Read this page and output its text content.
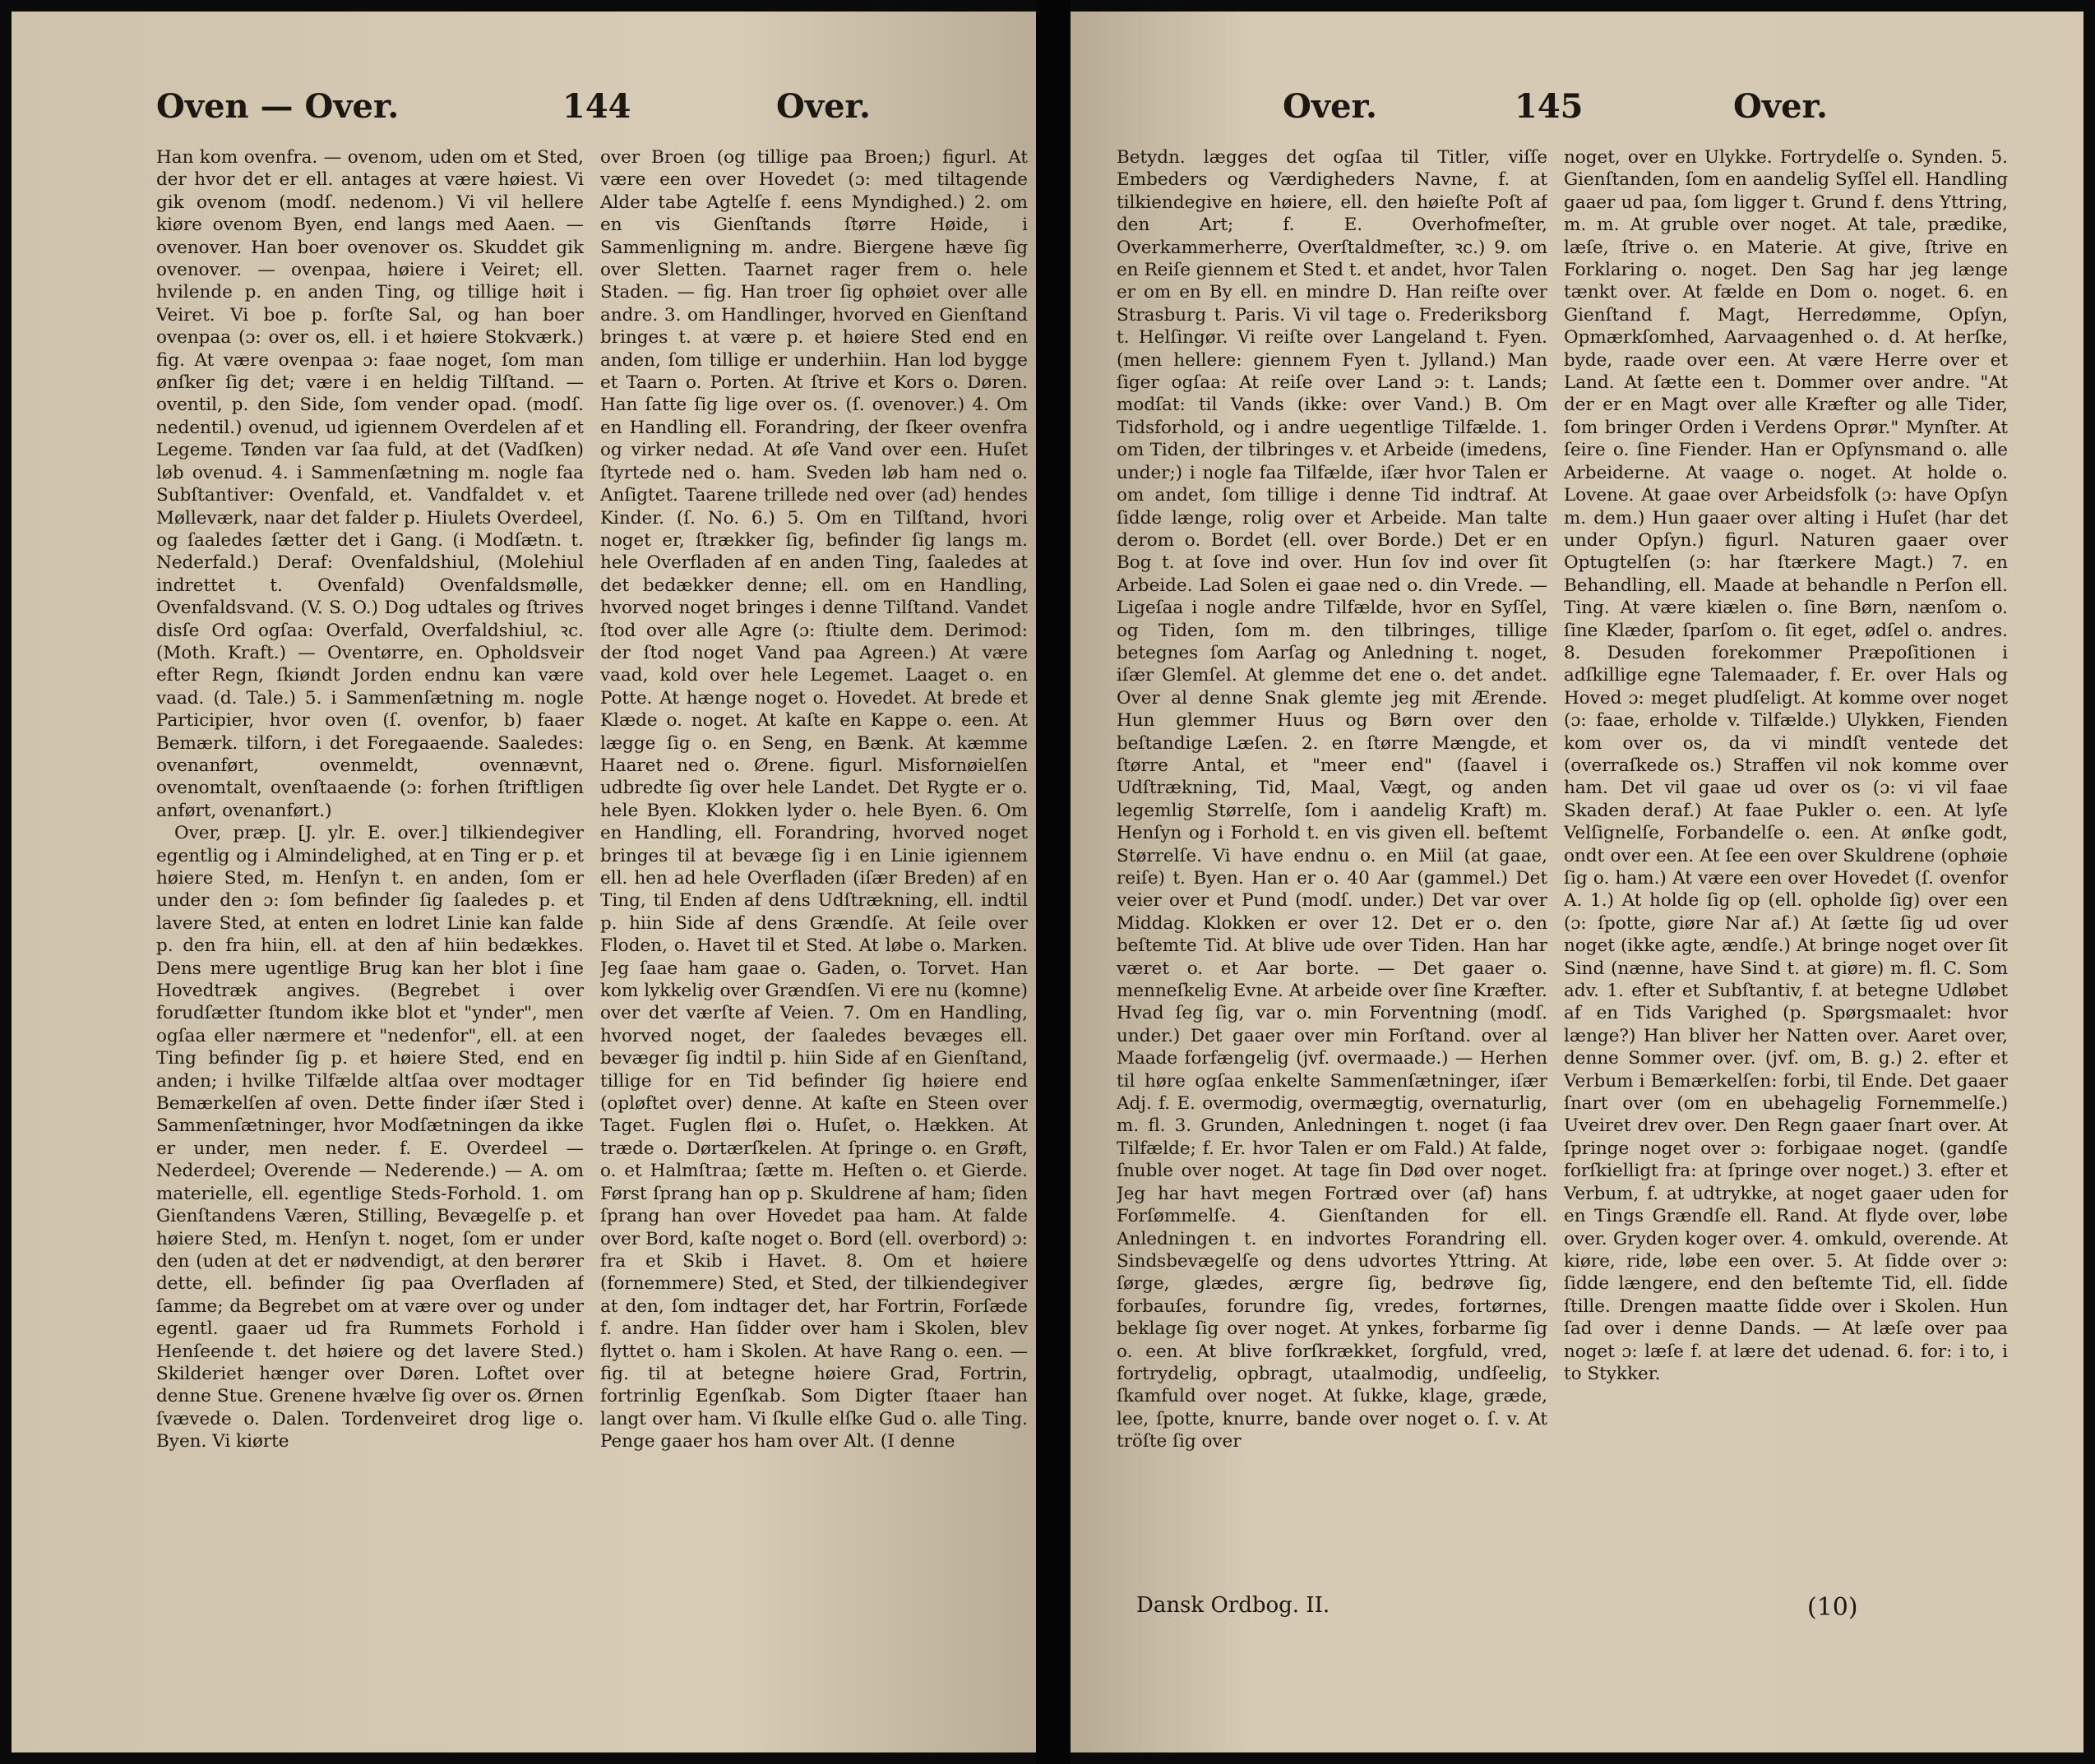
Oven — Over.	144	Over.

Han kom ovenfra. — ovenom, uden om et Sted, der hvor det er ell. antages at være høiest. Vi gik ovenom (modſ. nedenom.) Vi vil hellere kiøre ovenom Byen, end langs med Aaen. — ovenover. Han boer ovenover os. Skuddet gik ovenover. — ovenpaa, høiere i Veiret; ell. hvilende p. en anden Ting, og tillige høit i Veiret. Vi boe p. forſte Sal, og han boer ovenpaa (ɔ: over os, ell. i et høiere Stokværk.) fig. At være ovenpaa ɔ: faae noget, ſom man ønſker ſig det; være i en heldig Tilſtand. — oventil, p. den Side, ſom vender opad. (modſ. nedentil.) ovenud, ud igiennem Overdelen af et Legeme. Tønden var ſaa fuld, at det (Vadſken) løb ovenud. 4. i Sammenſætning m. nogle faa Subſtantiver: Ovenfald, et. Vandfaldet v. et Mølleværk, naar det falder p. Hiulets Overdeel, og ſaaledes ſætter det i Gang. (i Modſætn. t. Nederfald.) Deraf: Ovenfaldshiul, (Molehiul indrettet t. Ovenfald) Ovenfaldsmølle, Ovenfaldsvand. (V. S. O.) Dog udtales og ſtrives disſe Ord ogſaa: Overfald, Overfaldshiul, ꝛc. (Moth. Kraft.) — Oventørre, en. Opholdsveir efter Regn, ſkiøndt Jorden endnu kan være vaad. (d. Tale.) 5. i Sammenſætning m. nogle Participier, hvor oven (ſ. ovenfor, b) faaer Bemærk. tilforn, i det Foregaaende. Saaledes: ovenanført, ovenmeldt, ovennævnt, ovenomtalt, ovenſtaaende (ɔ: forhen ſtriftligen anført, ovenanført.)

Over, præp. [J. ylr. E. over.] tilkiendegiver egentlig og i Almindelighed, at en Ting er p. et høiere Sted, m. Henſyn t. en anden, ſom er under den ɔ: ſom befinder ſig ſaaledes p. et lavere Sted, at enten en lodret Linie kan falde p. den fra hiin, ell. at den af hiin bedækkes. Dens mere ugentlige Brug kan her blot i ſine Hovedtræk angives. (Begrebet i over forudſætter ſtundom ikke blot et "ynder", men ogſaa eller nærmere et "nedenfor", ell. at een Ting befinder ſig p. et høiere Sted, end en anden; i hvilke Tilfælde altſaa over modtager Bemærkelſen af oven. Dette finder iſær Sted i Sammenſætninger, hvor Modſætningen da ikke er under, men neder. f. E. Overdeel — Nederdeel; Overende — Nederende.) — A. om materielle, ell. egentlige Steds-Forhold. 1. om Gienſtandens Væren, Stilling, Bevægelſe p. et høiere Sted, m. Henſyn t. noget, ſom er under den (uden at det er nødvendigt, at den berører dette, ell. befinder ſig paa Overfladen af ſamme; da Begrebet om at være over og under egentl. gaaer ud fra Rummets Forhold i Henſeende t. det høiere og det lavere Sted.) Skilderiet hænger over Døren. Loftet over denne Stue. Grenene hvælve ſig over os. Ørnen ſvævede o. Dalen. Tordenveiret drog lige o. Byen. Vi kiørte

over Broen (og tillige paa Broen;) figurl. At være een over Hovedet (ɔ: med tiltagende Alder tabe Agtelſe f. eens Myndighed.) 2. om en vis Gienſtands ſtørre Høide, i Sammenligning m. andre. Biergene hæve ſig over Sletten. Taarnet rager frem o. hele Staden. — fig. Han troer ſig ophøiet over alle andre. 3. om Handlinger, hvorved en Gienſtand bringes t. at være p. et høiere Sted end en anden, ſom tillige er underhiin. Han lod bygge et Taarn o. Porten. At ſtrive et Kors o. Døren. Han ſatte ſig lige over os. (ſ. ovenover.) 4. Om en Handling ell. Forandring, der ſkeer ovenfra og virker nedad. At øſe Vand over een. Huſet ſtyrtede ned o. ham. Sveden løb ham ned o. Anſigtet. Taarene trillede ned over (ad) hendes Kinder. (ſ. No. 6.) 5. Om en Tilſtand, hvori noget er, ſtrækker ſig, befinder ſig langs m. hele Overfladen af en anden Ting, ſaaledes at det bedækker denne; ell. om en Handling, hvorved noget bringes i denne Tilſtand. Vandet ſtod over alle Agre (ɔ: ſtiulte dem. Derimod: der ſtod noget Vand paa Agreen.) At være vaad, kold over hele Legemet. Laaget o. en Potte. At hænge noget o. Hovedet. At brede et Klæde o. noget. At kaſte en Kappe o. een. At lægge ſig o. en Seng, en Bænk. At kæmme Haaret ned o. Ørene. figurl. Misfornøielſen udbredte ſig over hele Landet. Det Rygte er o. hele Byen. Klokken lyder o. hele Byen. 6. Om en Handling, ell. Forandring, hvorved noget bringes til at bevæge ſig i en Linie igiennem ell. hen ad hele Overfladen (iſær Breden) af en Ting, til Enden af dens Udſtrækning, ell. indtil p. hiin Side af dens Grændſe. At ſeile over Floden, o. Havet til et Sted. At løbe o. Marken. Jeg ſaae ham gaae o. Gaden, o. Torvet. Han kom lykkelig over Grændſen. Vi ere nu (komne) over det værſte af Veien. 7. Om en Handling, hvorved noget, der ſaaledes bevæges ell. bevæger ſig indtil p. hiin Side af en Gienſtand, tillige for en Tid befinder ſig høiere end (opløftet over) denne. At kaſte en Steen over Taget. Fuglen fløi o. Huſet, o. Hækken. At træde o. Dørtærſkelen. At ſpringe o. en Grøft, o. et Halmſtraa; ſætte m. Heſten o. et Gierde. Først ſprang han op p. Skuldrene af ham; ſiden ſprang han over Hovedet paa ham. At falde over Bord, kaſte noget o. Bord (ell. overbord) ɔ: fra et Skib i Havet. 8. Om et høiere (fornemmere) Sted, et Sted, der tilkiendegiver at den, ſom indtager det, har Fortrin, Forſæde f. andre. Han ſidder over ham i Skolen, blev flyttet o. ham i Skolen. At have Rang o. een. — fig. til at betegne høiere Grad, Fortrin, fortrinlig Egenſkab. Som Digter ſtaaer han langt over ham. Vi ſkulle elſke Gud o. alle Ting. Penge gaaer hos ham over Alt. (I denne

Over.	145	Over.

Betydn. lægges det ogſaa til Titler, viſſe Embeders og Værdigheders Navne, f. at tilkiendegive en høiere, ell. den høieſte Poſt af den Art; f. E. Overhofmeſter, Overkammerherre, Overſtaldmeſter, ꝛc.) 9. om en Reiſe giennem et Sted t. et andet, hvor Talen er om en By ell. en mindre D. Han reiſte over Strasburg t. Paris. Vi vil tage o. Frederiksborg t. Helſingør. Vi reiſte over Langeland t. Fyen. (men hellere: giennem Fyen t. Jylland.) Man ſiger ogſaa: At reiſe over Land ɔ: t. Lands; modſat: til Vands (ikke: over Vand.) B. Om Tidsforhold, og i andre uegentlige Tilfælde. 1. om Tiden, der tilbringes v. et Arbeide (imedens, under;) i nogle faa Tilfælde, iſær hvor Talen er om andet, ſom tillige i denne Tid indtraf. At ſidde længe, rolig over et Arbeide. Man talte derom o. Bordet (ell. over Borde.) Det er en Bog t. at ſove ind over. Hun ſov ind over ſit Arbeide. Lad Solen ei gaae ned o. din Vrede. — Ligeſaa i nogle andre Tilfælde, hvor en Syſſel, og Tiden, ſom m. den tilbringes, tillige betegnes ſom Aarſag og Anledning t. noget, iſær Glemſel. At glemme det ene o. det andet. Over al denne Snak glemte jeg mit Ærende. Hun glemmer Huus og Børn over den beſtandige Læſen. 2. en ſtørre Mængde, et ſtørre Antal, et "meer end" (ſaavel i Udſtrækning, Tid, Maal, Vægt, og anden legemlig Størrelſe, ſom i aandelig Kraft) m. Henſyn og i Forhold t. en vis given ell. beſtemt Størrelſe. Vi have endnu o. en Miil (at gaae, reiſe) t. Byen. Han er o. 40 Aar (gammel.) Det veier over et Pund (modſ. under.) Det var over Middag. Klokken er over 12. Det er o. den beſtemte Tid. At blive ude over Tiden. Han har været o. et Aar borte. — Det gaaer o. menneſkelig Evne. At arbeide over ſine Kræfter. Hvad ſeg ſig, var o. min Forventning (modſ. under.) Det gaaer over min Forſtand. over al Maade forfængelig (jvf. overmaade.) — Herhen til høre ogſaa enkelte Sammenſætninger, iſær Adj. f. E. overmodig, overmægtig, overnaturlig, m. fl. 3. Grunden, Anledningen t. noget (i faa Tilfælde; f. Er. hvor Talen er om Fald.) At falde, ſnuble over noget. At tage ſin Død over noget. Jeg har havt megen Fortræd over (af) hans Forſømmelſe. 4. Gienſtanden for ell. Anledningen t. en indvortes Forandring ell. Sindsbevægelſe og dens udvortes Yttring. At ſørge, glædes, ærgre ſig, bedrøve ſig, forbauſes, forundre ſig, vredes, fortørnes, beklage ſig over noget. At ynkes, forbarme ſig o. een. At blive forſkrækket, ſorgfuld, vred, fortrydelig, opbragt, utaalmodig, undſeelig, ſkamfuld over noget. At ſukke, klage, græde, lee, ſpotte, knurre, bande over noget o. ſ. v. At tröſte ſig over

noget, over en Ulykke. Fortrydelſe o. Synden. 5. Gienſtanden, ſom en aandelig Syſſel ell. Handling gaaer ud paa, ſom ligger t. Grund f. dens Yttring, m. m. At gruble over noget. At tale, prædike, læſe, ſtrive o. en Materie. At give, ſtrive en Forklaring o. noget. Den Sag har jeg længe tænkt over. At fælde en Dom o. noget. 6. en Gienſtand f. Magt, Herredømme, Opſyn, Opmærkſomhed, Aarvaagenhed o. d. At herſke, byde, raade over een. At være Herre over et Land. At ſætte een t. Dommer over andre. "At der er en Magt over alle Kræfter og alle Tider, ſom bringer Orden i Verdens Oprør." Mynſter. At ſeire o. ſine Fiender. Han er Opſynsmand o. alle Arbeiderne. At vaage o. noget. At holde o. Lovene. At gaae over Arbeidsfolk (ɔ: have Opſyn m. dem.) Hun gaaer over alting i Huſet (har det under Opſyn.) figurl. Naturen gaaer over Optugtelſen (ɔ: har ſtærkere Magt.) 7. en Behandling, ell. Maade at behandle n Perſon ell. Ting. At være kiælen o. ſine Børn, nænſom o. ſine Klæder, ſparſom o. ſit eget, ødſel o. andres. 8. Desuden forekommer Præpoſitionen i adſkillige egne Talemaader, f. Er. over Hals og Hoved ɔ: meget pludſeligt. At komme over noget (ɔ: faae, erholde v. Tilfælde.) Ulykken, Fienden kom over os, da vi mindſt ventede det (overraſkede os.) Straffen vil nok komme over ham. Det vil gaae ud over os (ɔ: vi vil faae Skaden deraf.) At faae Pukler o. een. At lyſe Velſignelſe, Forbandelſe o. een. At ønſke godt, ondt over een. At ſee een over Skuldrene (ophøie ſig o. ham.) At være een over Hovedet (ſ. ovenfor A. 1.) At holde ſig op (ell. opholde ſig) over een (ɔ: ſpotte, giøre Nar af.) At ſætte ſig ud over noget (ikke agte, ændſe.) At bringe noget over ſit Sind (nænne, have Sind t. at giøre) m. fl. C. Som adv. 1. efter et Subſtantiv, f. at betegne Udløbet af en Tids Varighed (p. Spørgsmaalet: hvor længe?) Han bliver her Natten over. Aaret over, denne Sommer over. (jvf. om, B. g.) 2. efter et Verbum i Bemærkelſen: forbi, til Ende. Det gaaer ſnart over (om en ubehagelig Fornemmelſe.) Uveiret drev over. Den Regn gaaer ſnart over. At ſpringe noget over ɔ: forbigaae noget. (gandſe forſkielligt fra: at ſpringe over noget.) 3. efter et Verbum, f. at udtrykke, at noget gaaer uden for en Tings Grændſe ell. Rand. At flyde over, løbe over. Gryden koger over. 4. omkuld, overende. At kiøre, ride, løbe een over. 5. At ſidde over ɔ: ſidde længere, end den beſtemte Tid, ell. ſidde ſtille. Drengen maatte ſidde over i Skolen. Hun ſad over i denne Dands. — At læſe over paa noget ɔ: læſe f. at lære det udenad. 6. for: i to, i to Stykker.

Dansk Ordbog. II.	(10)
